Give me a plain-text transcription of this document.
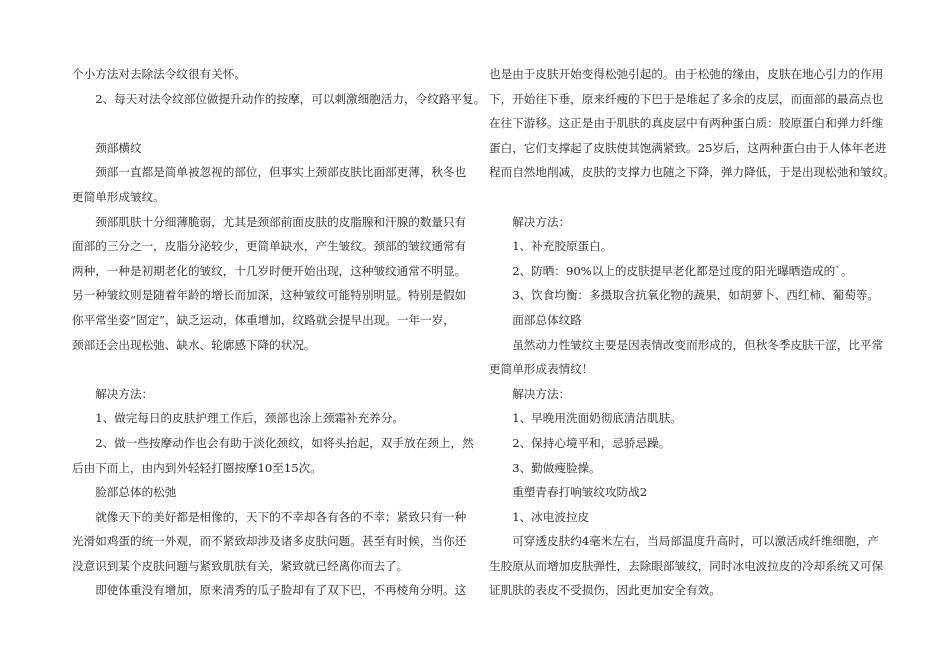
个小方法对去除法令纹很有关怀。
　　2、每天对法令纹部位做提升动作的按摩，可以刺激细胞活力，令纹路平复。
　　颈部横纹
　　颈部一直都是简单被忽视的部位，但事实上颈部皮肤比面部更薄，秋冬也
更简单形成皱纹。
　　颈部肌肤十分细薄脆弱，尤其是颈部前面皮肤的皮脂腺和汗腺的数量只有
面部的三分之一，皮脂分泌较少，更简单缺水，产生皱纹。颈部的皱纹通常有
两种，一种是初期老化的皱纹，十几岁时便开始出现，这种皱纹通常不明显。
另一种皱纹则是随着年龄的增长而加深，这种皱纹可能特别明显。特别是假如
你平常坐姿“固定”，缺乏运动，体重增加，纹路就会提早出现。一年一岁，
颈部还会出现松弛、缺水、轮廓感下降的状况。
　　解决方法：
　　1、做完每日的皮肤护理工作后，颈部也涂上颈霜补充养分。
　　2、做一些按摩动作也会有助于淡化颈纹，如将头抬起，双手放在颈上，然
后由下而上，由内到外轻轻打圈按摩10至15次。
　　脸部总体的松弛
　　就像天下的美好都是相像的，天下的不幸却各有各的不幸；紧致只有一种
光滑如鸡蛋的统一外观，而不紧致却涉及诸多皮肤问题。甚至有时候，当你还
没意识到某个皮肤问题与紧致肌肤有关，紧致就已经离你而去了。
　　即使体重没有增加，原来清秀的瓜子脸却有了双下巴，不再棱角分明。这
也是由于皮肤开始变得松弛引起的。由于松弛的缘由，皮肤在地心引力的作用
下，开始往下垂，原来纤瘦的下巴于是堆起了多余的皮层，而面部的最高点也
在往下游移。这正是由于肌肤的真皮层中有两种蛋白质：胶原蛋白和弹力纤维
蛋白，它们支撑起了皮肤使其饱满紧致。25岁后，这两种蛋白由于人体年老进
程而自然地削减，皮肤的支撑力也随之下降，弹力降低，于是出现松弛和皱纹。
　　解决方法：
　　1、补充胶原蛋白。
　　2、防晒：90%以上的皮肤提早老化都是过度的阳光曝晒造成的`。
　　3、饮食均衡：多摄取含抗氧化物的蔬果，如胡萝卜、西红柿、葡萄等。
　　面部总体纹路
　　虽然动力性皱纹主要是因表情改变而形成的，但秋冬季皮肤干涩，比平常
更简单形成表情纹！
　　解决方法：
　　1、早晚用洗面奶彻底清洁肌肤。
　　2、保持心境平和，忌骄忌躁。
　　3、勤做瘦脸操。
　　重塑青春打响皱纹攻防战2
　　1、冰电波拉皮
　　可穿透皮肤约4毫米左右，当局部温度升高时，可以激活成纤维细胞，产
生胶原从而增加皮肤弹性，去除眼部皱纹，同时冰电波拉皮的冷却系统又可保
证肌肤的表皮不受损伤，因此更加安全有效。
